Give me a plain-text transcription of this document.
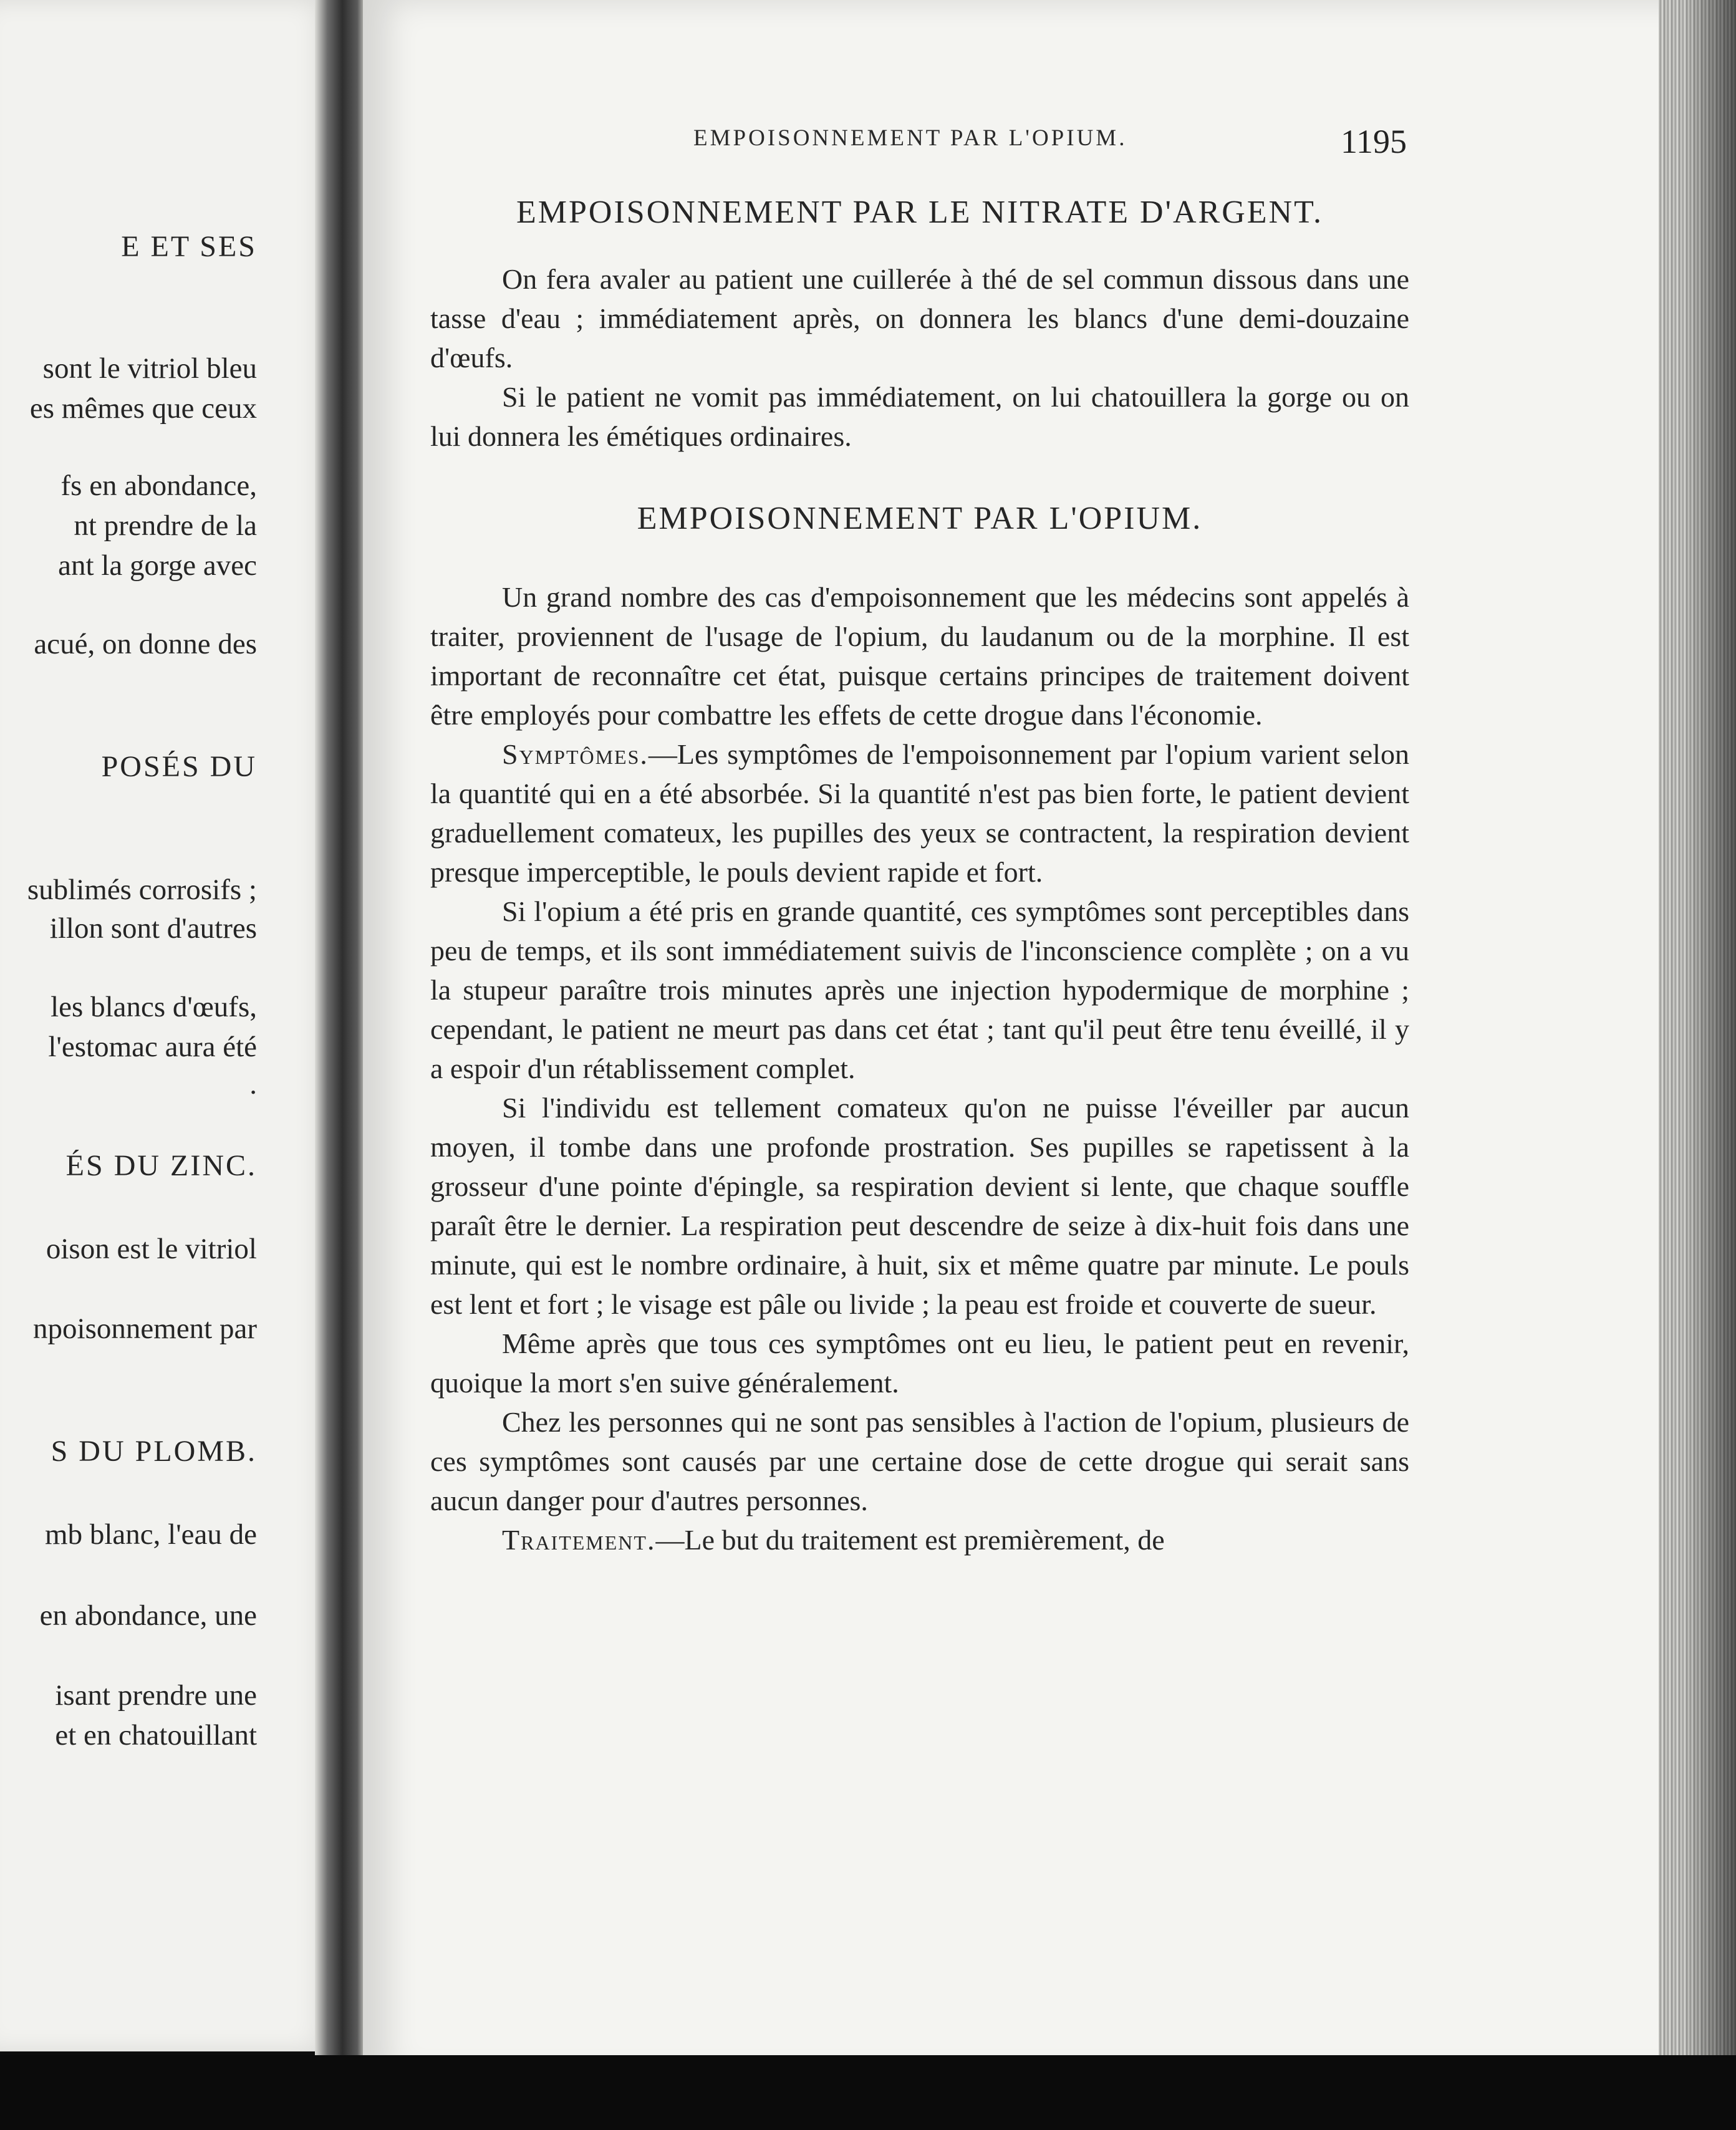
E ET SES
sont le vitriol bleu
es mêmes que ceux
fs en abondance,
nt prendre de la
ant la gorge avec
acué, on donne des
POSÉS DU
sublimés corrosifs ;
illon sont d'autres
les blancs d'œufs,
l'estomac aura été
.
ÉS DU ZINC.
oison est le vitriol
npoisonnement par
S DU PLOMB.
mb blanc, l'eau de
en abondance, une
isant prendre une
et en chatouillant
EMPOISONNEMENT PAR L'OPIUM.	1195
EMPOISONNEMENT PAR LE NITRATE D'ARGENT.

On fera avaler au patient une cuillerée à thé de sel commun dissous dans une tasse d'eau ; immédiatement après, on donnera les blancs d'une demi-douzaine d'œufs.

Si le patient ne vomit pas immédiatement, on lui chatouillera la gorge ou on lui donnera les émétiques ordinaires.

EMPOISONNEMENT PAR L'OPIUM.

Un grand nombre des cas d'empoisonnement que les médecins sont appelés à traiter, proviennent de l'usage de l'opium, du laudanum ou de la morphine. Il est important de reconnaître cet état, puisque certains principes de traitement doivent être employés pour combattre les effets de cette drogue dans l'économie.

Symptômes.—Les symptômes de l'empoisonnement par l'opium varient selon la quantité qui en a été absorbée. Si la quantité n'est pas bien forte, le patient devient graduellement comateux, les pupilles des yeux se contractent, la respiration devient presque imperceptible, le pouls devient rapide et fort.

Si l'opium a été pris en grande quantité, ces symptômes sont perceptibles dans peu de temps, et ils sont immédiatement suivis de l'inconscience complète ; on a vu la stupeur paraître trois minutes après une injection hypodermique de morphine ; cependant, le patient ne meurt pas dans cet état ; tant qu'il peut être tenu éveillé, il y a espoir d'un rétablissement complet.

Si l'individu est tellement comateux qu'on ne puisse l'éveiller par aucun moyen, il tombe dans une profonde prostration. Ses pupilles se rapetissent à la grosseur d'une pointe d'épingle, sa respiration devient si lente, que chaque souffle paraît être le dernier. La respiration peut descendre de seize à dix-huit fois dans une minute, qui est le nombre ordinaire, à huit, six et même quatre par minute. Le pouls est lent et fort ; le visage est pâle ou livide ; la peau est froide et couverte de sueur.

Même après que tous ces symptômes ont eu lieu, le patient peut en revenir, quoique la mort s'en suive généralement.

Chez les personnes qui ne sont pas sensibles à l'action de l'opium, plusieurs de ces symptômes sont causés par une certaine dose de cette drogue qui serait sans aucun danger pour d'autres personnes.

Traitement.—Le but du traitement est premièrement, de
